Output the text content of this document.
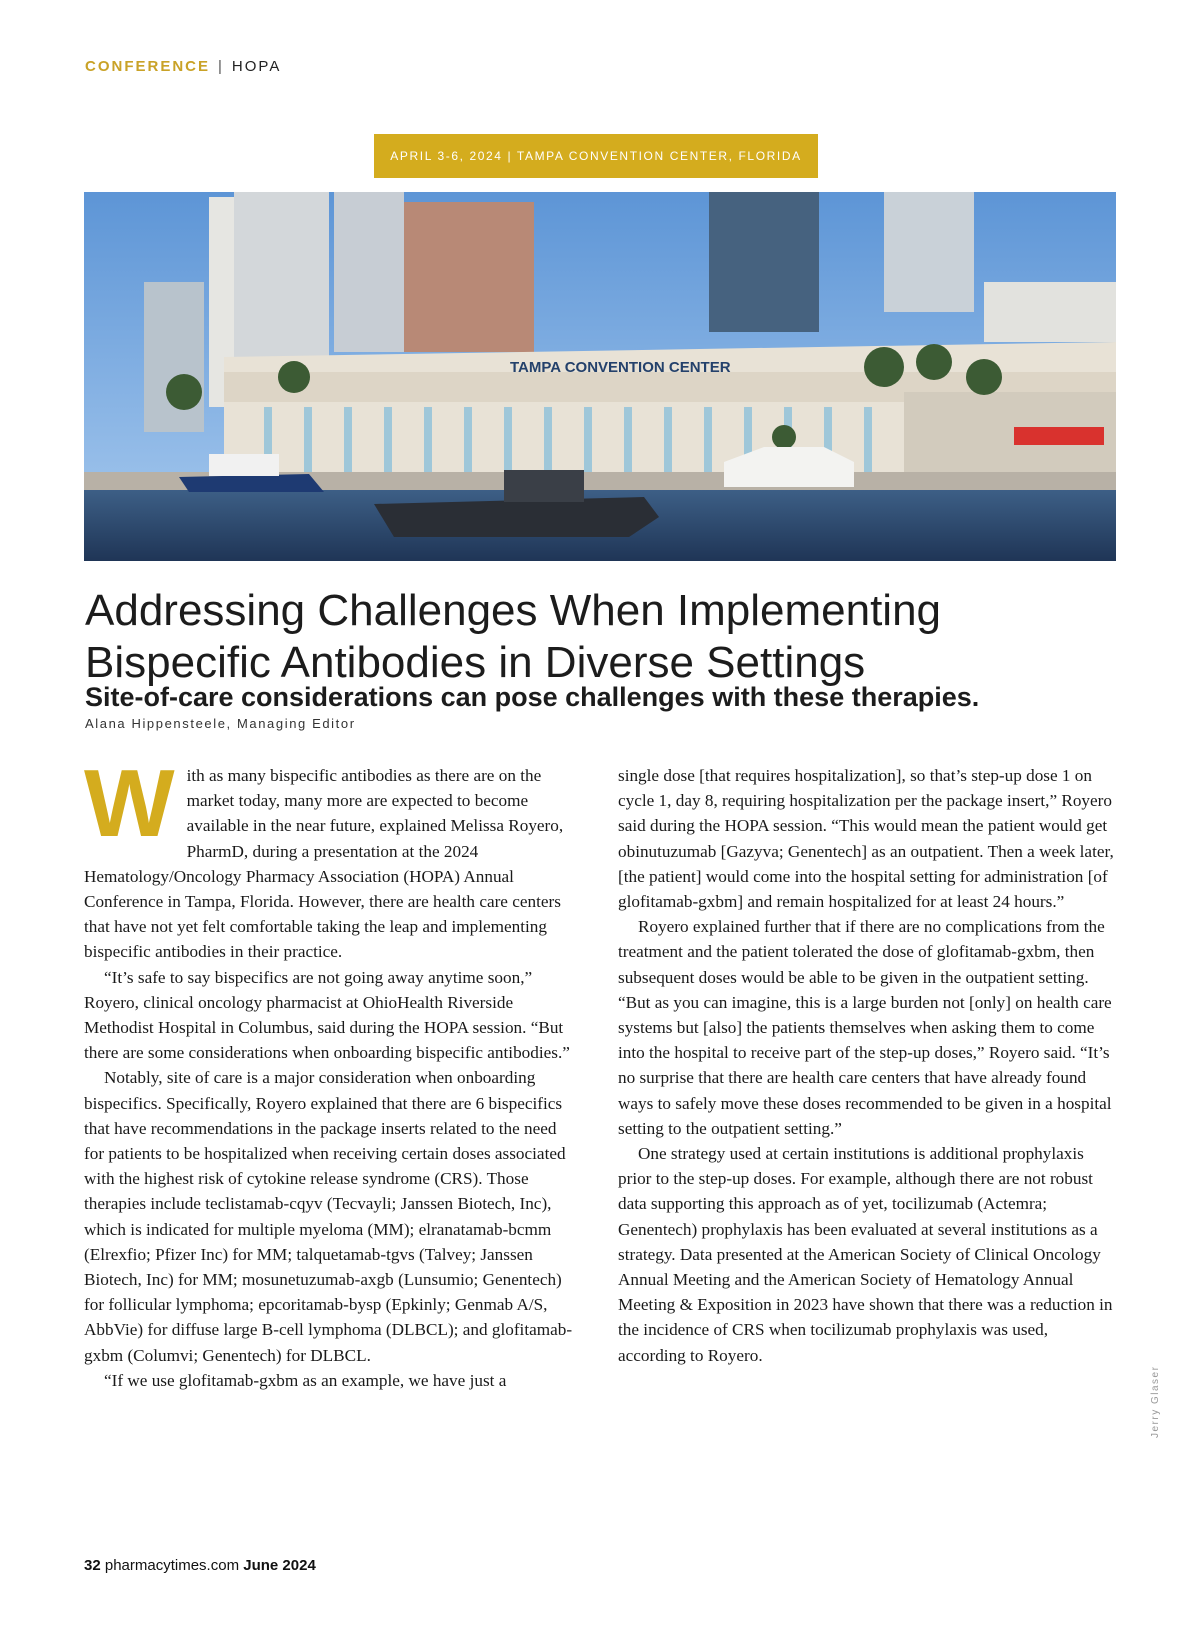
CONFERENCE | HOPA
APRIL 3-6, 2024 | TAMPA CONVENTION CENTER, FLORIDA
TAMPA CONVENTION CENTER
Addressing Challenges When Implementing Bispecific Antibodies in Diverse Settings
Site-of-care considerations can pose challenges with these therapies.
Alana Hippensteele, Managing Editor

With as many bispecific antibodies as there are on the market today, many more are expected to become available in the near future, explained Melissa Royero, PharmD, during a presentation at the 2024 Hematology/Oncology Pharmacy Association (HOPA) Annual Conference in Tampa, Florida. However, there are health care centers that have not yet felt comfortable taking the leap and implementing bispecific antibodies in their practice.

“It’s safe to say bispecifics are not going away anytime soon,” Royero, clinical oncology pharmacist at OhioHealth Riverside Methodist Hospital in Columbus, said during the HOPA session. “But there are some considerations when onboarding bispecific antibodies.”

Notably, site of care is a major consideration when onboarding bispecifics. Specifically, Royero explained that there are 6 bispecifics that have recommendations in the package inserts related to the need for patients to be hospitalized when receiving certain doses associated with the highest risk of cytokine release syndrome (CRS). Those therapies include teclistamab-cqyv (Tecvayli; Janssen Biotech, Inc), which is indicated for multiple myeloma (MM); elranatamab-bcmm (Elrexfio; Pfizer Inc) for MM; talquetamab-tgvs (Talvey; Janssen Biotech, Inc) for MM; mosunetuzumab-axgb (Lunsumio; Genentech) for follicular lymphoma; epcoritamab-bysp (Epkinly; Genmab A/S, AbbVie) for diffuse large B-cell lymphoma (DLBCL); and glofitamab-gxbm (Columvi; Genentech) for DLBCL.

“If we use glofitamab-gxbm as an example, we have just a

single dose [that requires hospitalization], so that’s step-up dose 1 on cycle 1, day 8, requiring hospitalization per the package insert,” Royero said during the HOPA session. “This would mean the patient would get obinutuzumab [Gazyva; Genentech] as an outpatient. Then a week later, [the patient] would come into the hospital setting for administration [of glofitamab-gxbm] and remain hospitalized for at least 24 hours.”

Royero explained further that if there are no complications from the treatment and the patient tolerated the dose of glofitamab-gxbm, then subsequent doses would be able to be given in the outpatient setting. “But as you can imagine, this is a large burden not [only] on health care systems but [also] the patients themselves when asking them to come into the hospital to receive part of the step-up doses,” Royero said. “It’s no surprise that there are health care centers that have already found ways to safely move these doses recommended to be given in a hospital setting to the outpatient setting.”

One strategy used at certain institutions is additional prophylaxis prior to the step-up doses. For example, although there are not robust data supporting this approach as of yet, tocilizumab (Actemra; Genentech) prophylaxis has been evaluated at several institutions as a strategy. Data presented at the American Society of Clinical Oncology Annual Meeting and the American Society of Hematology Annual Meeting & Exposition in 2023 have shown that there was a reduction in the incidence of CRS when tocilizumab prophylaxis was used, according to Royero.

Jerry Glaser
32 pharmacytimes.com June 2024
